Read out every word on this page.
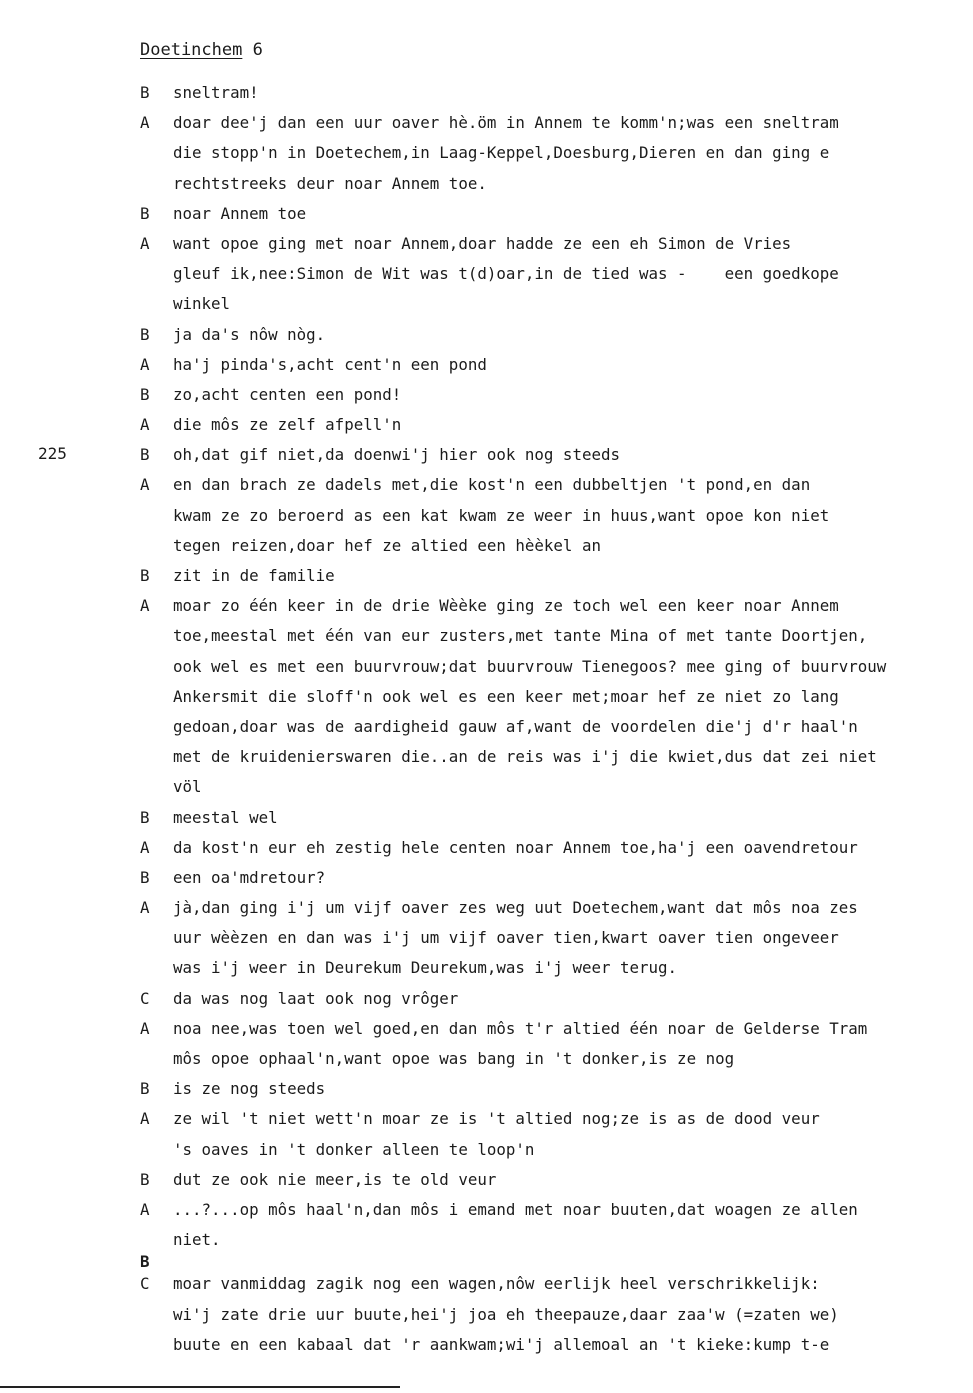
Doetinchem 6
225
B	sneltram!
A	doar dee'j dan een uur oaver hè.öm in Annem te komm'n;was een sneltram
die stopp'n in Doetechem,in Laag-Keppel,Doesburg,Dieren en dan ging e
rechtstreeks deur noar Annem toe.
B	noar Annem toe
A	want opoe ging met noar Annem,doar hadde ze een eh Simon de Vries
gleuf ik,nee:Simon de Wit was t(d)oar,in de tied was -    een goedkope
winkel
B	ja da's nôw nòg.
A	ha'j pinda's,acht cent'n een pond
B	zo,acht centen een pond!
A	die môs ze zelf afpell'n
B	oh,dat gif niet,da doenwi'j hier ook nog steeds
A	en dan brach ze dadels met,die kost'n een dubbeltjen 't pond,en dan
kwam ze zo beroerd as een kat kwam ze weer in huus,want opoe kon niet
tegen reizen,doar hef ze altied een hèèkel an
B	zit in de familie
A	moar zo één keer in de drie Wèèke ging ze toch wel een keer noar Annem
toe,meestal met één van eur zusters,met tante Mina of met tante Doortjen,
ook wel es met een buurvrouw;dat buurvrouw Tienegoos? mee ging of buurvrouw
Ankersmit die sloff'n ook wel es een keer met;moar hef ze niet zo lang
gedoan,doar was de aardigheid gauw af,want de voordelen die'j d'r haal'n
met de kruidenierswaren die..an de reis was i'j die kwiet,dus dat zei niet
völ
B	meestal wel
A	da kost'n eur eh zestig hele centen noar Annem toe,ha'j een oavendretour
B	een oa'mdretour?
A	jà,dan ging i'j um vijf oaver zes weg uut Doetechem,want dat môs noa zes
uur wèèzen en dan was i'j um vijf oaver tien,kwart oaver tien ongeveer
was i'j weer in Deurekum Deurekum,was i'j weer terug.
C	da was nog laat ook nog vrôger
A	noa nee,was toen wel goed,en dan môs t'r altied één noar de Gelderse Tram
môs opoe ophaal'n,want opoe was bang in 't donker,is ze nog
B	is ze nog steeds
A	ze wil 't niet wett'n moar ze is 't altied nog;ze is as de dood veur
's oaves in 't donker alleen te loop'n
B	dut ze ook nie meer,is te old veur
A	...?...op môs haal'n,dan môs i emand met noar buuten,dat woagen ze allen
niet.
B
C	moar vanmiddag zagik nog een wagen,nôw eerlijk heel verschrikkelijk:
wi'j zate drie uur buute,hei'j joa eh theepauze,daar zaa'w (=zaten we)
buute en een kabaal dat 'r aankwam;wi'j allemoal an 't kieke:kump t-e
